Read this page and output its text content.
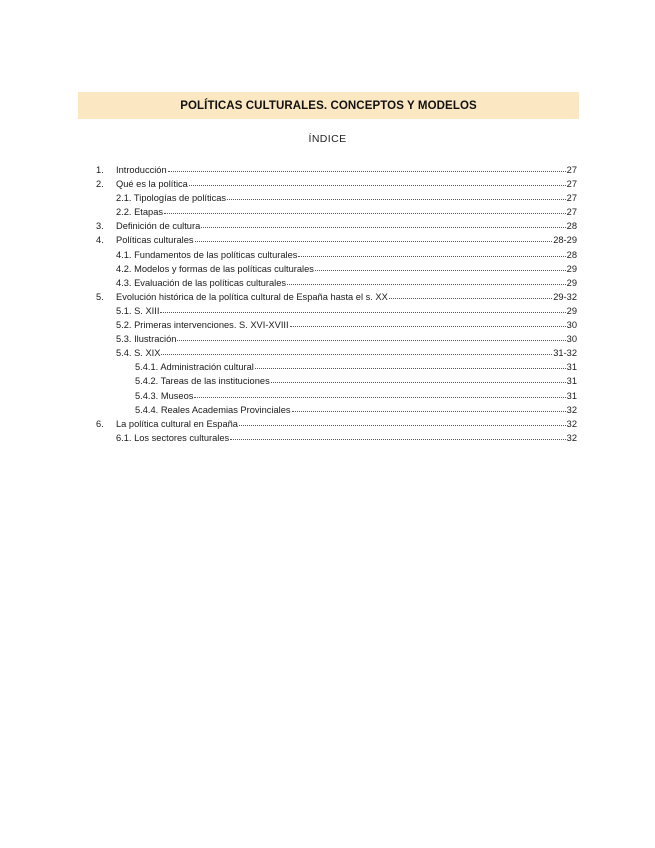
POLÍTICAS CULTURALES. CONCEPTOS Y MODELOS
ÍNDICE
1.	Introducción	27
2.	Qué es la política	27
2.1. Tipologías de políticas	27
2.2. Etapas	27
3.	Definición de cultura	28
4.	Políticas culturales	28-29
4.1. Fundamentos de las políticas culturales	28
4.2. Modelos y formas de las políticas culturales	29
4.3. Evaluación de las políticas culturales	29
5.	Evolución histórica de la política cultural de España hasta el s. XX	29-32
5.1. S. XIII	29
5.2. Primeras intervenciones. S. XVI-XVIII	30
5.3. Ilustración	30
5.4. S. XIX	31-32
5.4.1. Administración cultural	31
5.4.2. Tareas de las instituciones	31
5.4.3. Museos	31
5.4.4. Reales Academias Provinciales	32
6.	La política cultural en España	32
6.1. Los sectores culturales	32
